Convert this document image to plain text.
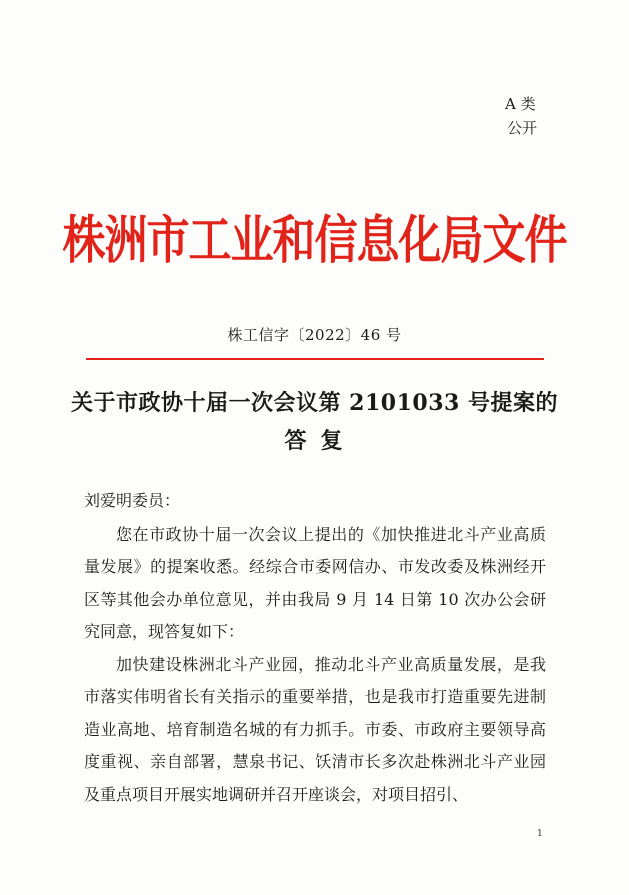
A 类
公开
株洲市工业和信息化局文件
株工信字〔2022〕46 号
关于市政协十届一次会议第 2101033 号提案的
答复
刘爱明委员：

您在市政协十届一次会议上提出的《加快推进北斗产业高质量发展》的提案收悉。经综合市委网信办、市发改委及株洲经开区等其他会办单位意见，并由我局 9 月 14 日第 10 次办公会研究同意，现答复如下：

加快建设株洲北斗产业园，推动北斗产业高质量发展，是我市落实伟明省长有关指示的重要举措，也是我市打造重要先进制造业高地、培育制造名城的有力抓手。市委、市政府主要领导高度重视、亲自部署，慧泉书记、饫清市长多次赴株洲北斗产业园及重点项目开展实地调研并召开座谈会，对项目招引、

1
